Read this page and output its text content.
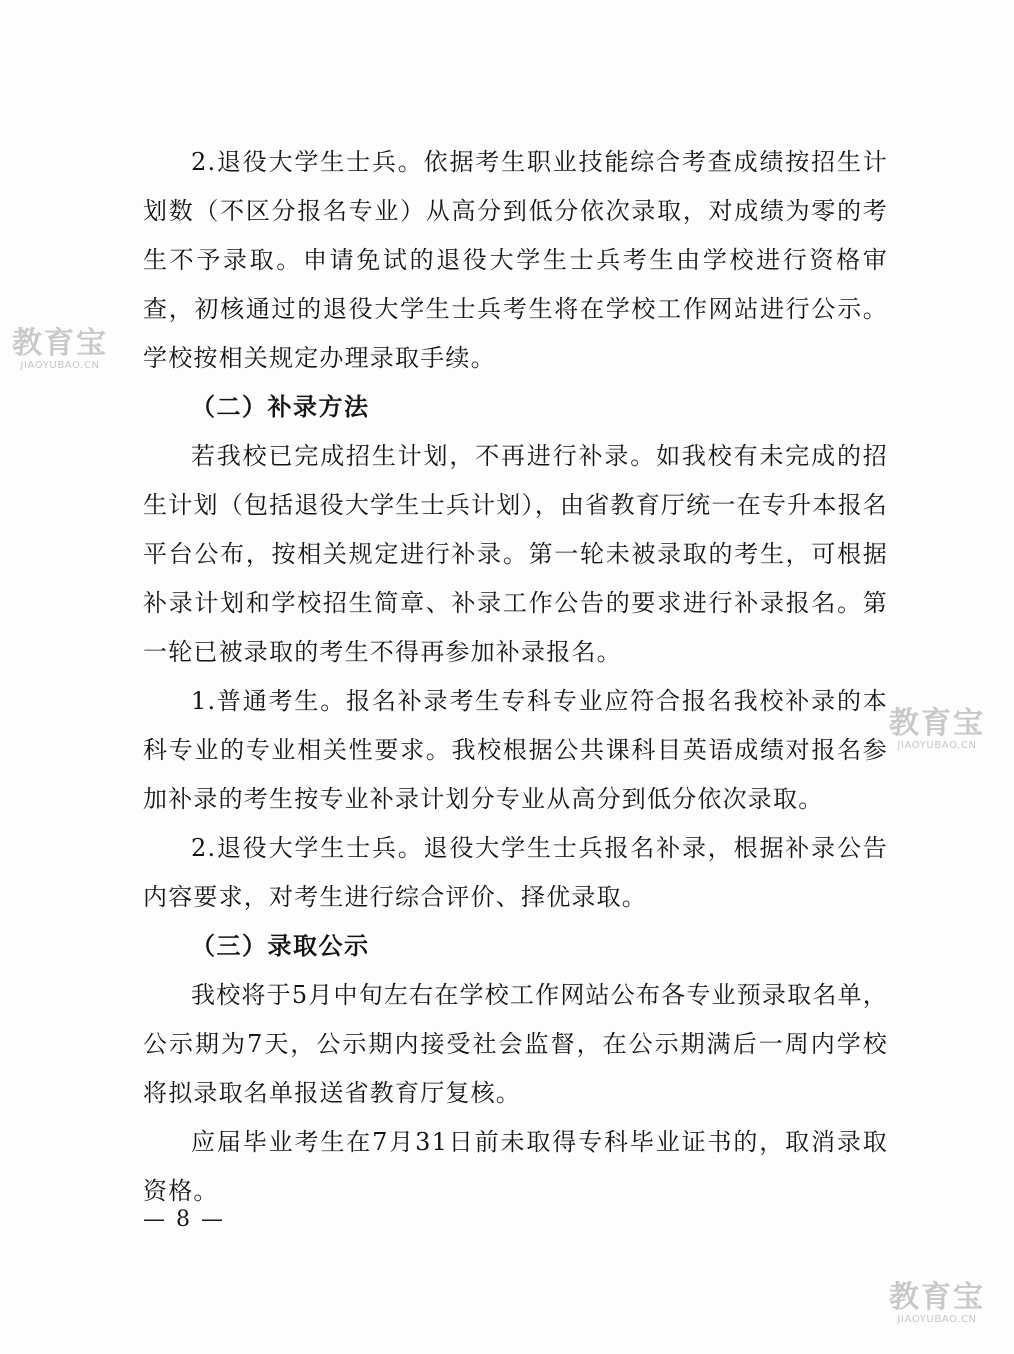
2.退役大学生士兵。依据考生职业技能综合考查成绩按招生计划数（不区分报名专业）从高分到低分依次录取，对成绩为零的考生不予录取。申请免试的退役大学生士兵考生由学校进行资格审查，初核通过的退役大学生士兵考生将在学校工作网站进行公示。学校按相关规定办理录取手续。

（二）补录方法

若我校已完成招生计划，不再进行补录。如我校有未完成的招生计划（包括退役大学生士兵计划），由省教育厅统一在专升本报名平台公布，按相关规定进行补录。第一轮未被录取的考生，可根据补录计划和学校招生简章、补录工作公告的要求进行补录报名。第一轮已被录取的考生不得再参加补录报名。

1.普通考生。报名补录考生专科专业应符合报名我校补录的本科专业的专业相关性要求。我校根据公共课科目英语成绩对报名参加补录的考生按专业补录计划分专业从高分到低分依次录取。

2.退役大学生士兵。退役大学生士兵报名补录，根据补录公告内容要求，对考生进行综合评价、择优录取。

（三）录取公示

我校将于5月中旬左右在学校工作网站公布各专业预录取名单，公示期为7天，公示期内接受社会监督，在公示期满后一周内学校将拟录取名单报送省教育厅复核。

应届毕业考生在7月31日前未取得专科毕业证书的，取消录取资格。

— 8 —
教育宝
JIAOYUBAO.CN
教育宝
JIAOYUBAO.CN
教育宝
JIAOYUBAO.CN
